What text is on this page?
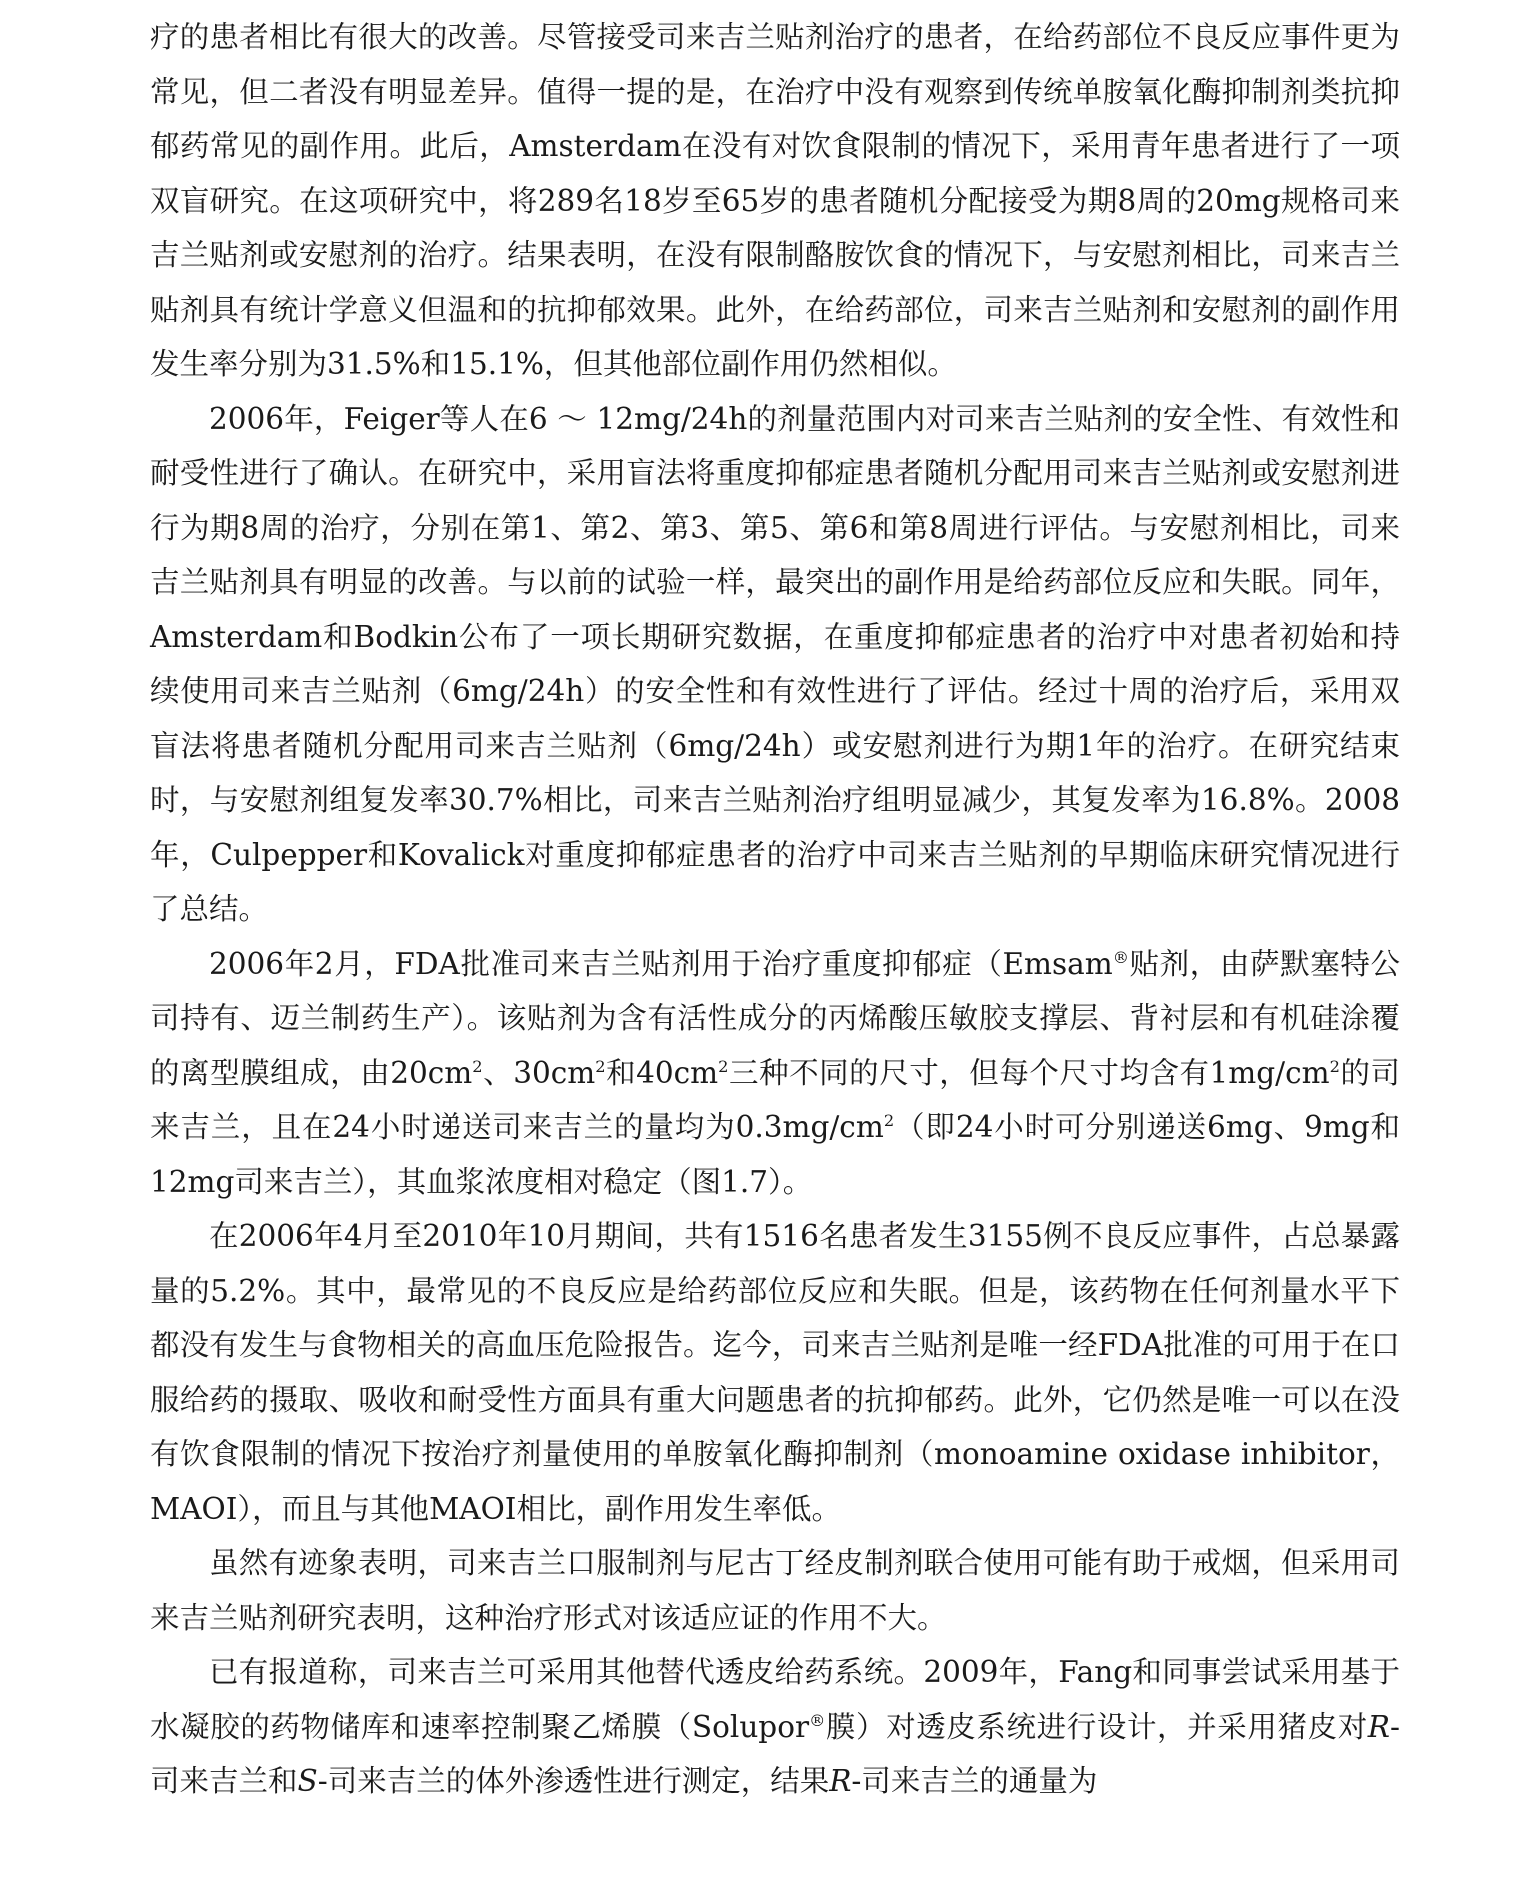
疗的患者相比有很大的改善。尽管接受司来吉兰贴剂治疗的患者，在给药部位不良反应事件更为常见，但二者没有明显差异。值得一提的是，在治疗中没有观察到传统单胺氧化酶抑制剂类抗抑郁药常见的副作用。此后，Amsterdam在没有对饮食限制的情况下，采用青年患者进行了一项双盲研究。在这项研究中，将289名18岁至65岁的患者随机分配接受为期8周的20mg规格司来吉兰贴剂或安慰剂的治疗。结果表明，在没有限制酪胺饮食的情况下，与安慰剂相比，司来吉兰贴剂具有统计学意义但温和的抗抑郁效果。此外，在给药部位，司来吉兰贴剂和安慰剂的副作用发生率分别为31.5%和15.1%，但其他部位副作用仍然相似。

2006年，Feiger等人在6 ～ 12mg/24h的剂量范围内对司来吉兰贴剂的安全性、有效性和耐受性进行了确认。在研究中，采用盲法将重度抑郁症患者随机分配用司来吉兰贴剂或安慰剂进行为期8周的治疗，分别在第1、第2、第3、第5、第6和第8周进行评估。与安慰剂相比，司来吉兰贴剂具有明显的改善。与以前的试验一样，最突出的副作用是给药部位反应和失眠。同年，Amsterdam和Bodkin公布了一项长期研究数据，在重度抑郁症患者的治疗中对患者初始和持续使用司来吉兰贴剂（6mg/24h）的安全性和有效性进行了评估。经过十周的治疗后，采用双盲法将患者随机分配用司来吉兰贴剂（6mg/24h）或安慰剂进行为期1年的治疗。在研究结束时，与安慰剂组复发率30.7%相比，司来吉兰贴剂治疗组明显减少，其复发率为16.8%。2008年，Culpepper和Kovalick对重度抑郁症患者的治疗中司来吉兰贴剂的早期临床研究情况进行了总结。

2006年2月，FDA批准司来吉兰贴剂用于治疗重度抑郁症（Emsam®贴剂，由萨默塞特公司持有、迈兰制药生产）。该贴剂为含有活性成分的丙烯酸压敏胶支撑层、背衬层和有机硅涂覆的离型膜组成，由$20cm^2$、$30cm^2$和$40cm^2$三种不同的尺寸，但每个尺寸均含有$1mg/cm^2$的司来吉兰，且在24小时递送司来吉兰的量均为$0.3mg/cm^2$（即24小时可分别递送6mg、9mg和12mg司来吉兰），其血浆浓度相对稳定（图1.7）。

在2006年4月至2010年10月期间，共有1516名患者发生3155例不良反应事件，占总暴露量的5.2%。其中，最常见的不良反应是给药部位反应和失眠。但是，该药物在任何剂量水平下都没有发生与食物相关的高血压危险报告。迄今，司来吉兰贴剂是唯一经FDA批准的可用于在口服给药的摄取、吸收和耐受性方面具有重大问题患者的抗抑郁药。此外，它仍然是唯一可以在没有饮食限制的情况下按治疗剂量使用的单胺氧化酶抑制剂（monoamine oxidase inhibitor，MAOI），而且与其他MAOI相比，副作用发生率低。

虽然有迹象表明，司来吉兰口服制剂与尼古丁经皮制剂联合使用可能有助于戒烟，但采用司来吉兰贴剂研究表明，这种治疗形式对该适应证的作用不大。

已有报道称，司来吉兰可采用其他替代透皮给药系统。2009年，Fang和同事尝试采用基于水凝胶的药物储库和速率控制聚乙烯膜（Solupor®膜）对透皮系统进行设计，并采用猪皮对R-司来吉兰和S-司来吉兰的体外渗透性进行测定，结果R-司来吉兰的通量为
